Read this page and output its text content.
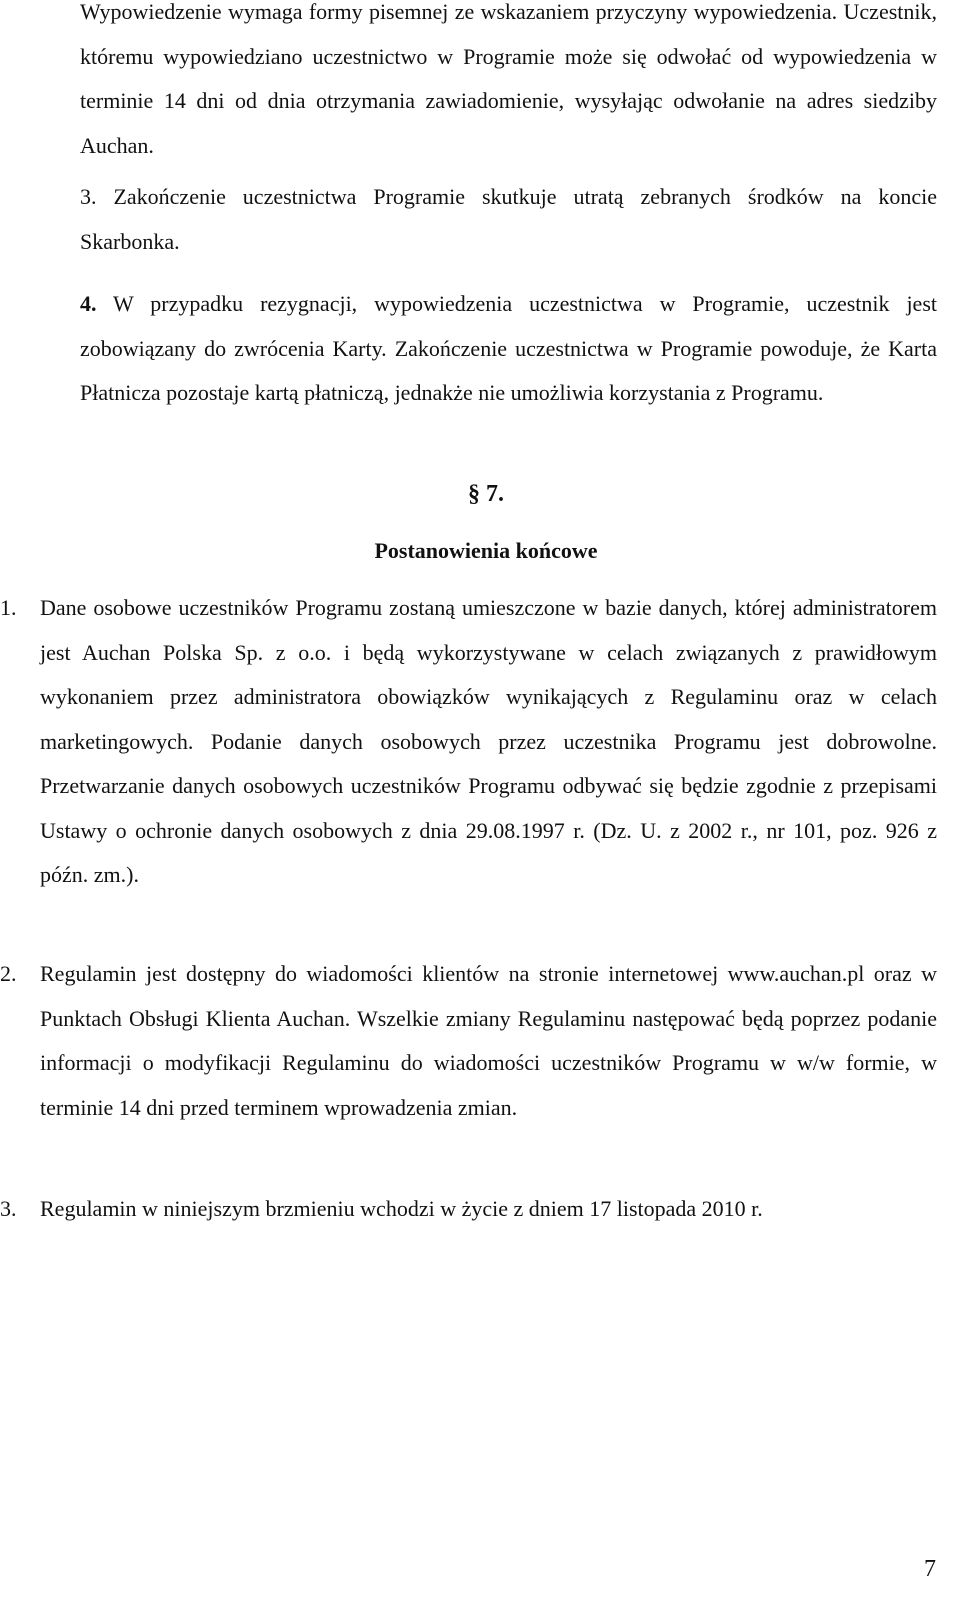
Wypowiedzenie wymaga formy pisemnej ze wskazaniem przyczyny wypowiedzenia. Uczestnik, któremu wypowiedziano uczestnictwo w Programie może się odwołać od wypowiedzenia w terminie 14 dni od dnia otrzymania zawiadomienie, wysyłając odwołanie na adres siedziby Auchan.

3. Zakończenie uczestnictwa Programie skutkuje utratą zebranych środków na koncie Skarbonka.

4. W przypadku rezygnacji, wypowiedzenia uczestnictwa w Programie, uczestnik jest zobowiązany do zwrócenia Karty. Zakończenie uczestnictwa w Programie powoduje, że Karta Płatnicza pozostaje kartą płatniczą, jednakże nie umożliwia korzystania z Programu.

§ 7.
Postanowienia końcowe
1.	Dane osobowe uczestników Programu zostaną umieszczone w bazie danych, której administratorem jest Auchan Polska Sp. z o.o. i będą wykorzystywane w celach związanych z prawidłowym wykonaniem przez administratora obowiązków wynikających z Regulaminu oraz w celach marketingowych. Podanie danych osobowych przez uczestnika Programu jest dobrowolne. Przetwarzanie danych osobowych uczestników Programu odbywać się będzie zgodnie z przepisami Ustawy o ochronie danych osobowych z dnia 29.08.1997 r. (Dz. U. z 2002 r., nr 101, poz. 926 z późn. zm.).
2.	Regulamin jest dostępny do wiadomości klientów na stronie internetowej www.auchan.pl oraz w Punktach Obsługi Klienta Auchan. Wszelkie zmiany Regulaminu następować będą poprzez podanie informacji o modyfikacji Regulaminu do wiadomości uczestników Programu w w/w formie, w terminie 14 dni przed terminem wprowadzenia zmian.
3.	Regulamin w niniejszym brzmieniu wchodzi w życie z dniem 17 listopada 2010 r.
7
